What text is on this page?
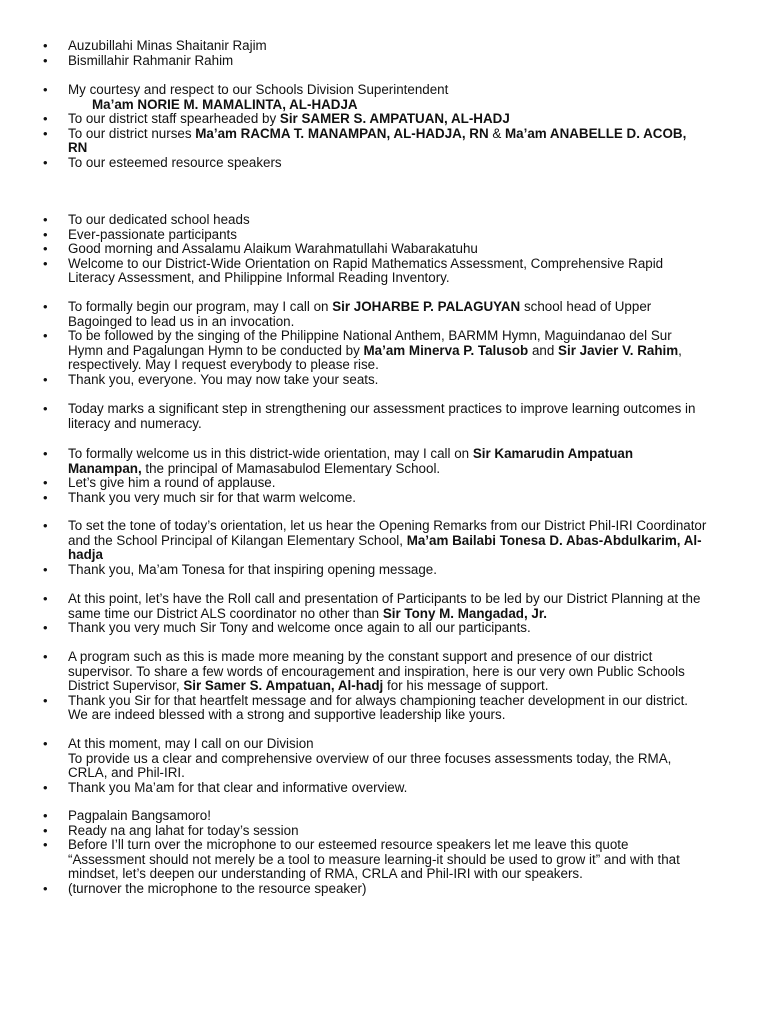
• Auzubillahi Minas Shaitanir Rajim
• Bismillahir Rahmanir Rahim
• My courtesy and respect to our Schools Division Superintendent
Ma’am NORIE M. MAMALINTA, AL-HADJA
• To our district staff spearheaded by Sir SAMER S. AMPATUAN, AL-HADJ
• To our district nurses Ma’am RACMA T. MANAMPAN, AL-HADJA, RN & Ma’am ANABELLE D. ACOB, RN
• To our esteemed resource speakers
• To our dedicated school heads
• Ever-passionate participants
• Good morning and Assalamu Alaikum Warahmatullahi Wabarakatuhu
• Welcome to our District-Wide Orientation on Rapid Mathematics Assessment, Comprehensive Rapid Literacy Assessment, and Philippine Informal Reading Inventory.
• To formally begin our program, may I call on Sir JOHARBE P. PALAGUYAN school head of Upper Bagoinged to lead us in an invocation.
• To be followed by the singing of the Philippine National Anthem, BARMM Hymn, Maguindanao del Sur Hymn and Pagalungan Hymn to be conducted by Ma’am Minerva P. Talusob and Sir Javier V. Rahim, respectively. May I request everybody to please rise.
• Thank you, everyone. You may now take your seats.
• Today marks a significant step in strengthening our assessment practices to improve learning outcomes in literacy and numeracy.
• To formally welcome us in this district-wide orientation, may I call on Sir Kamarudin Ampatuan Manampan, the principal of Mamasabulod Elementary School.
• Let’s give him a round of applause.
• Thank you very much sir for that warm welcome.
• To set the tone of today’s orientation, let us hear the Opening Remarks from our District Phil-IRI Coordinator and the School Principal of Kilangan Elementary School, Ma’am Bailabi Tonesa D. Abas-Abdulkarim, Al-hadja
• Thank you, Ma’am Tonesa for that inspiring opening message.
• At this point, let’s have the Roll call and presentation of Participants to be led by our District Planning at the same time our District ALS coordinator no other than Sir Tony M. Mangadad, Jr.
• Thank you very much Sir Tony and welcome once again to all our participants.
• A program such as this is made more meaning by the constant support and presence of our district supervisor. To share a few words of encouragement and inspiration, here is our very own Public Schools District Supervisor, Sir Samer S. Ampatuan, Al-hadj for his message of support.
• Thank you Sir for that heartfelt message and for always championing teacher development in our district. We are indeed blessed with a strong and supportive leadership like yours.
• At this moment, may I call on our Division
To provide us a clear and comprehensive overview of our three focuses assessments today, the RMA, CRLA, and Phil-IRI.
• Thank you Ma’am for that clear and informative overview.
• Pagpalain Bangsamoro!
• Ready na ang lahat for today’s session
• Before I’ll turn over the microphone to our esteemed resource speakers let me leave this quote “Assessment should not merely be a tool to measure learning-it should be used to grow it” and with that mindset, let’s deepen our understanding of RMA, CRLA and Phil-IRI with our speakers.
• (turnover the microphone to the resource speaker)
